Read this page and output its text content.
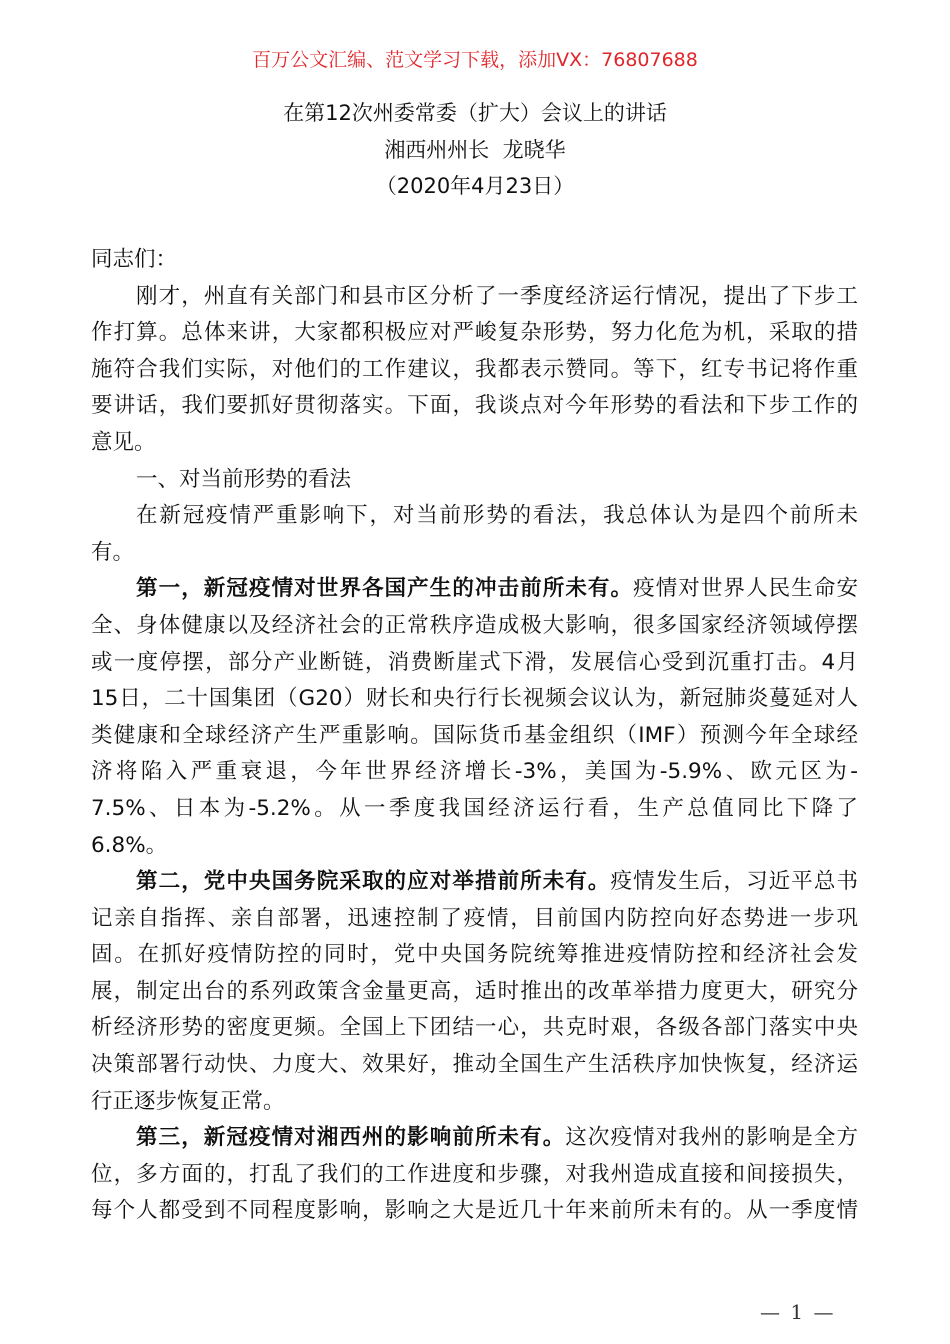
百万公文汇编、范文学习下载，添加VX：76807688
在第12次州委常委（扩大）会议上的讲话
湘西州州长  龙晓华
（2020年4月23日）
同志们：
刚才，州直有关部门和县市区分析了一季度经济运行情况，提出了下步工
作打算。总体来讲，大家都积极应对严峻复杂形势，努力化危为机，采取的措
施符合我们实际，对他们的工作建议，我都表示赞同。等下，红专书记将作重
要讲话，我们要抓好贯彻落实。下面，我谈点对今年形势的看法和下步工作的
意见。
一、对当前形势的看法
在新冠疫情严重影响下，对当前形势的看法，我总体认为是四个前所未
有。
第一，新冠疫情对世界各国产生的冲击前所未有。疫情对世界人民生命安
全、身体健康以及经济社会的正常秩序造成极大影响，很多国家经济领域停摆
或一度停摆，部分产业断链，消费断崖式下滑，发展信心受到沉重打击。4月
15日，二十国集团（G20）财长和央行行长视频会议认为，新冠肺炎蔓延对人
类健康和全球经济产生严重影响。国际货币基金组织（IMF）预测今年全球经
济将陷入严重衰退，今年世界经济增长-3%，美国为-5.9%、欧元区为-
7.5%、日本为-5.2%。从一季度我国经济运行看，生产总值同比下降了
6.8%。
第二，党中央国务院采取的应对举措前所未有。疫情发生后，习近平总书
记亲自指挥、亲自部署，迅速控制了疫情，目前国内防控向好态势进一步巩
固。在抓好疫情防控的同时，党中央国务院统筹推进疫情防控和经济社会发
展，制定出台的系列政策含金量更高，适时推出的改革举措力度更大，研究分
析经济形势的密度更频。全国上下团结一心，共克时艰，各级各部门落实中央
决策部署行动快、力度大、效果好，推动全国生产生活秩序加快恢复，经济运
行正逐步恢复正常。
第三，新冠疫情对湘西州的影响前所未有。这次疫情对我州的影响是全方
位，多方面的，打乱了我们的工作进度和步骤，对我州造成直接和间接损失，
每个人都受到不同程度影响，影响之大是近几十年来前所未有的。从一季度情
— 1 —
